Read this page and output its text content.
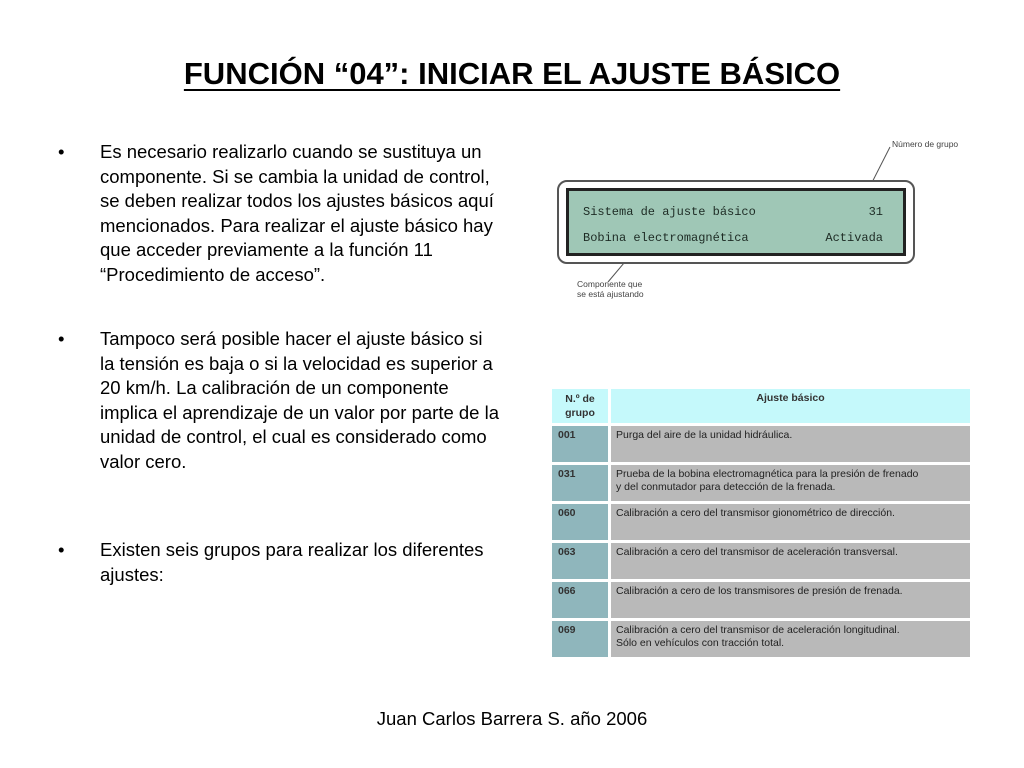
FUNCIÓN “04”: INICIAR EL AJUSTE BÁSICO
• Es necesario realizarlo cuando se sustituya un componente. Si se cambia la unidad de control, se deben realizar todos los ajustes básicos aquí mencionados. Para realizar el ajuste básico hay que acceder previamente a la función 11 “Procedimiento de acceso”.
• Tampoco será posible hacer el ajuste básico si la tensión es baja o si la velocidad es superior a 20 km/h. La calibración de un componente implica el aprendizaje de un valor por parte de la unidad de control, el cual es considerado como valor cero.
• Existen seis grupos para realizar los diferentes ajustes:
Número de grupo
Sistema de ajuste básico	31
Bobina electromagnética	Activada
Componente que
se está ajustando
N.º de
grupo	Ajuste básico
001	Purga del aire de la unidad hidráulica.

031	Prueba de la bobina electromagnética para la presión de frenado
y del conmutador para detección de la frenada.

060	Calibración a cero del transmisor gionométrico de dirección.

063	Calibración a cero del transmisor de aceleración transversal.

066	Calibración a cero de los transmisores de presión de frenada.

069	Calibración a cero del transmisor de aceleración longitudinal.
Sólo en vehículos con tracción total.
Juan Carlos Barrera S. año 2006
